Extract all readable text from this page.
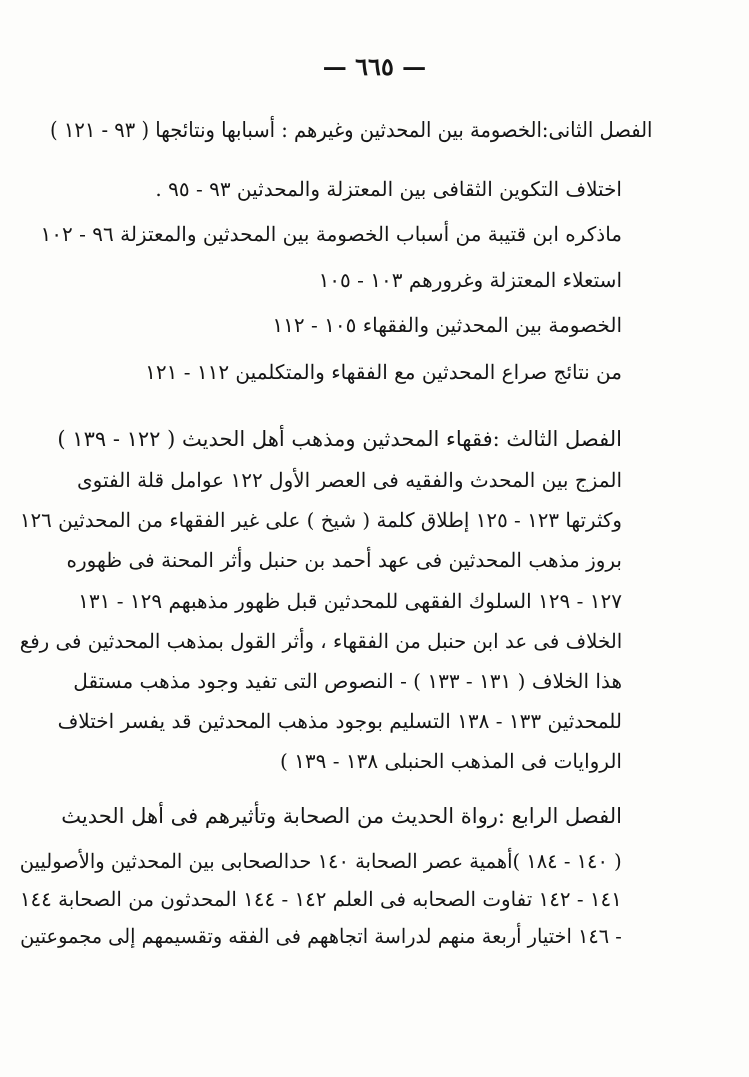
— ٦٦٥ —
الفصل الثانى:الخصومة بين المحدثين وغيرهم : أسبابها ونتائجها ( ٩٣ - ١٢١ )
اختلاف التكوين الثقافى بين المعتزلة والمحدثين ٩٣ - ٩٥ .
ماذكره ابن قتيبة من أسباب الخصومة بين المحدثين والمعتزلة ٩٦ - ١٠٢
استعلاء المعتزلة وغرورهم ١٠٣ - ١٠٥
الخصومة بين المحدثين والفقهاء ١٠٥ - ١١٢
من نتائج صراع المحدثين مع الفقهاء والمتكلمين ١١٢ - ١٢١
الفصل الثالث :فقهاء المحدثين ومذهب أهل الحديث ( ١٢٢ - ١٣٩ )
المزج بين المحدث والفقيه فى العصر الأول ١٢٢ عوامل قلة الفتوى
وكثرتها ١٢٣ - ١٢٥ إطلاق كلمة ( شيخ ) على غير الفقهاء من المحدثين ١٢٦
بروز مذهب المحدثين فى عهد أحمد بن حنبل وأثر المحنة فى ظهوره
١٢٧ - ١٢٩ السلوك الفقهى للمحدثين قبل ظهور مذهبهم ١٢٩ - ١٣١
الخلاف فى عد ابن حنبل من الفقهاء ، وأثر القول بمذهب المحدثين فى رفع
هذا الخلاف ( ١٣١ - ١٣٣ ) - النصوص التى تفيد وجود مذهب مستقل
للمحدثين ١٣٣ - ١٣٨ التسليم بوجود مذهب المحدثين قد يفسر اختلاف
الروايات فى المذهب الحنبلى ١٣٨ - ١٣٩ )
الفصل الرابع :رواة الحديث من الصحابة وتأثيرهم فى أهل الحديث
( ١٤٠ - ١٨٤ )أهمية عصر الصحابة ١٤٠ حدالصحابى بين المحدثين والأصوليين
١٤١ - ١٤٢ تفاوت الصحابه فى العلم ١٤٢ - ١٤٤ المحدثون من الصحابة ١٤٤
- ١٤٦ اختيار أربعة منهم لدراسة اتجاههم فى الفقه وتقسيمهم إلى مجموعتين
